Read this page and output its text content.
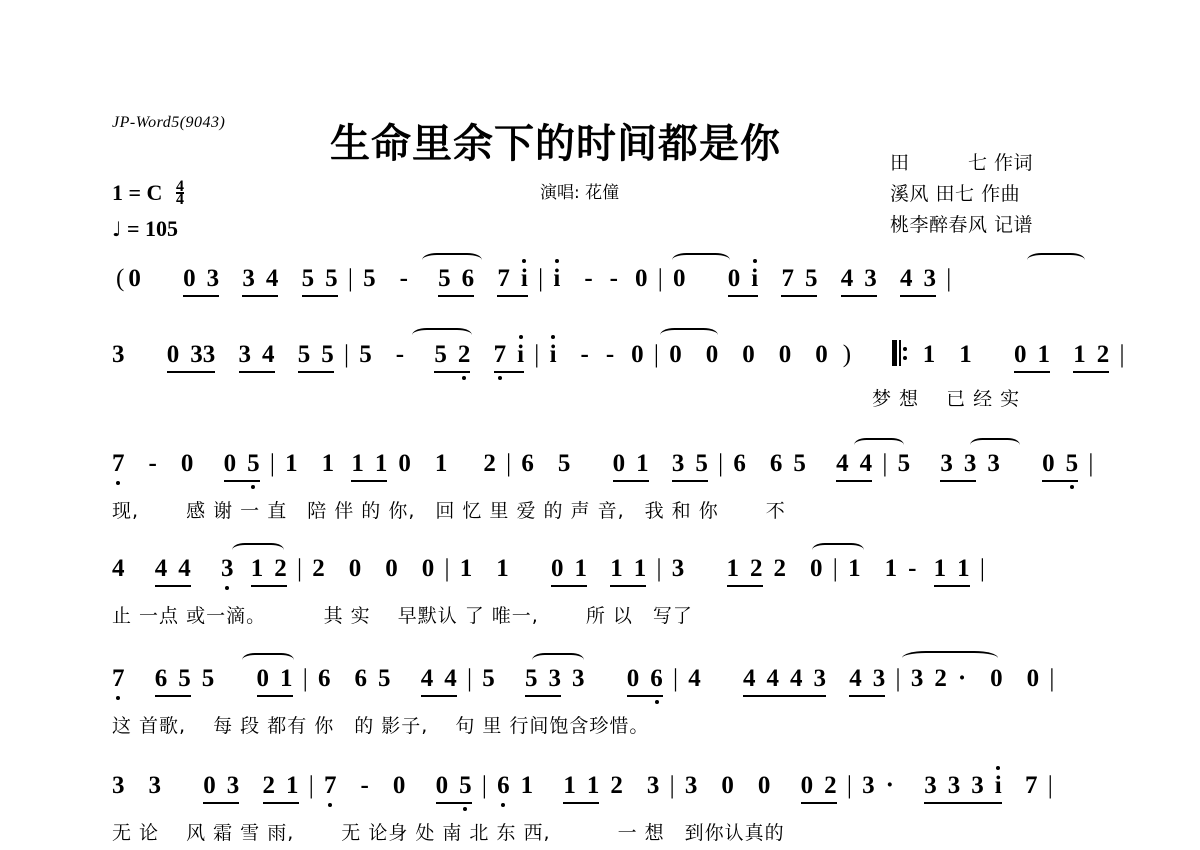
JP-Word5(9043)	生命里余下的时间都是你
演唱: 花僮
田　　　七 作词
溪风 田七 作曲
桃李醉春风 记谱
1 = C $\frac{4}{4}$
♩ = 105
( 0 0 3 3 4 5 5 | 5 - 5 6 7 i | i - - 0 | 0 0 i 7 5 4 3 4 3 |
3 0 33 3 4 5 5 | 5 - 5 2 7 i | i - - 0 | 0 0 0 0 0 )	1 1 0 1 1 2 |
梦 想　 已 经 实
7 - 0 0 5 | 1 1 1 1 0 1 2 | 6 5 0 1 3 5 | 6 6 5 4 4 | 5 3 3 3 0 5 |
现,　　 感 谢 一 直　陪 伴 的 你,　回 忆 里 爱 的 声 音,　我 和 你　　 不
4 4 4 3 1 2 | 2 0 0 0 | 1 1 0 1 1 1 | 3 1 2 2 0 | 1 1 - 1 1 |
止 一点 或一滴。　　　 其 实　 早默认 了 唯一,　　 所 以　写了
7 6 5 5 0 1 | 6 6 5 4 4 | 5 5 3 3 0 6 | 4 4 4 4 3 4 3 | 3 2 · 0 0 |
这 首歌,　 每 段 都有 你　的 影子,　 句 里 行间饱含珍惜。
3 3 0 3 2 1 | 7 - 0 0 5 | 6 1 1 1 2 3 | 3 0 0 0 2 | 3 · 3 3 3 i 7 |
无 论　 风 霜 雪 雨,　　 无 论身 处 南 北 东 西,　　　 一 想　到你认真的
